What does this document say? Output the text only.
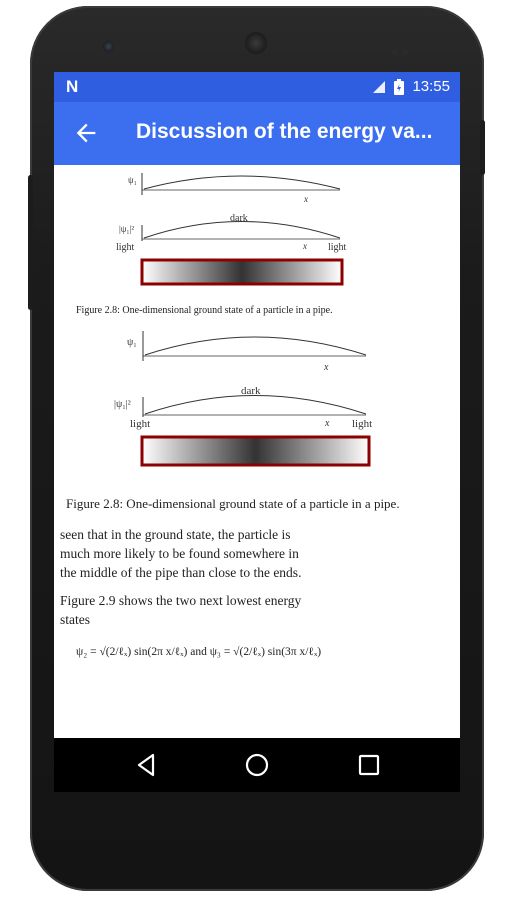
N	13:55
Discussion of the energy va...
ψ₁
x
dark
|ψ₁|²
light	x light
Figure 2.8: One-dimensional ground state of a particle in a pipe.
ψ₁
x
dark
|ψ₁|²
light	x light
Figure 2.8: One-dimensional ground state of a particle in a pipe.
seen that in the ground state, the particle is
much more likely to be found somewhere in
the middle of the pipe than close to the ends.
Figure 2.9 shows the two next lowest energy
states
ψ₂ = √(2/ℓₓ) sin(2π x/ℓₓ) and ψ₃ = √(2/ℓₓ) sin(3π x/ℓₓ)
